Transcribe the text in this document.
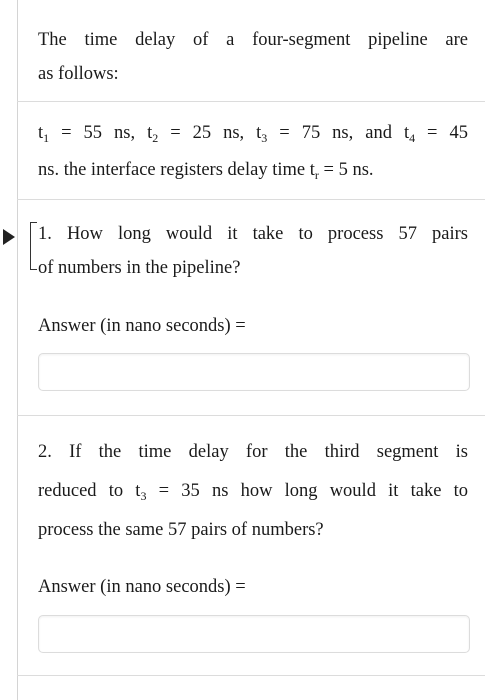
The time delay of a four-segment pipeline are
as follows:
$t_1 = 55$ ns, $t_2 = 25$ ns, $t_3 = 75$ ns, and $t_4 = 45$
ns. the interface registers delay time $t_r = 5$ ns.
1. How long would it take to process 57 pairs
of numbers in the pipeline?
Answer (in nano seconds) =
2. If the time delay for the third segment is
reduced to $t_3 = 35$ ns how long would it take to
process the same 57 pairs of numbers?
Answer (in nano seconds) =
